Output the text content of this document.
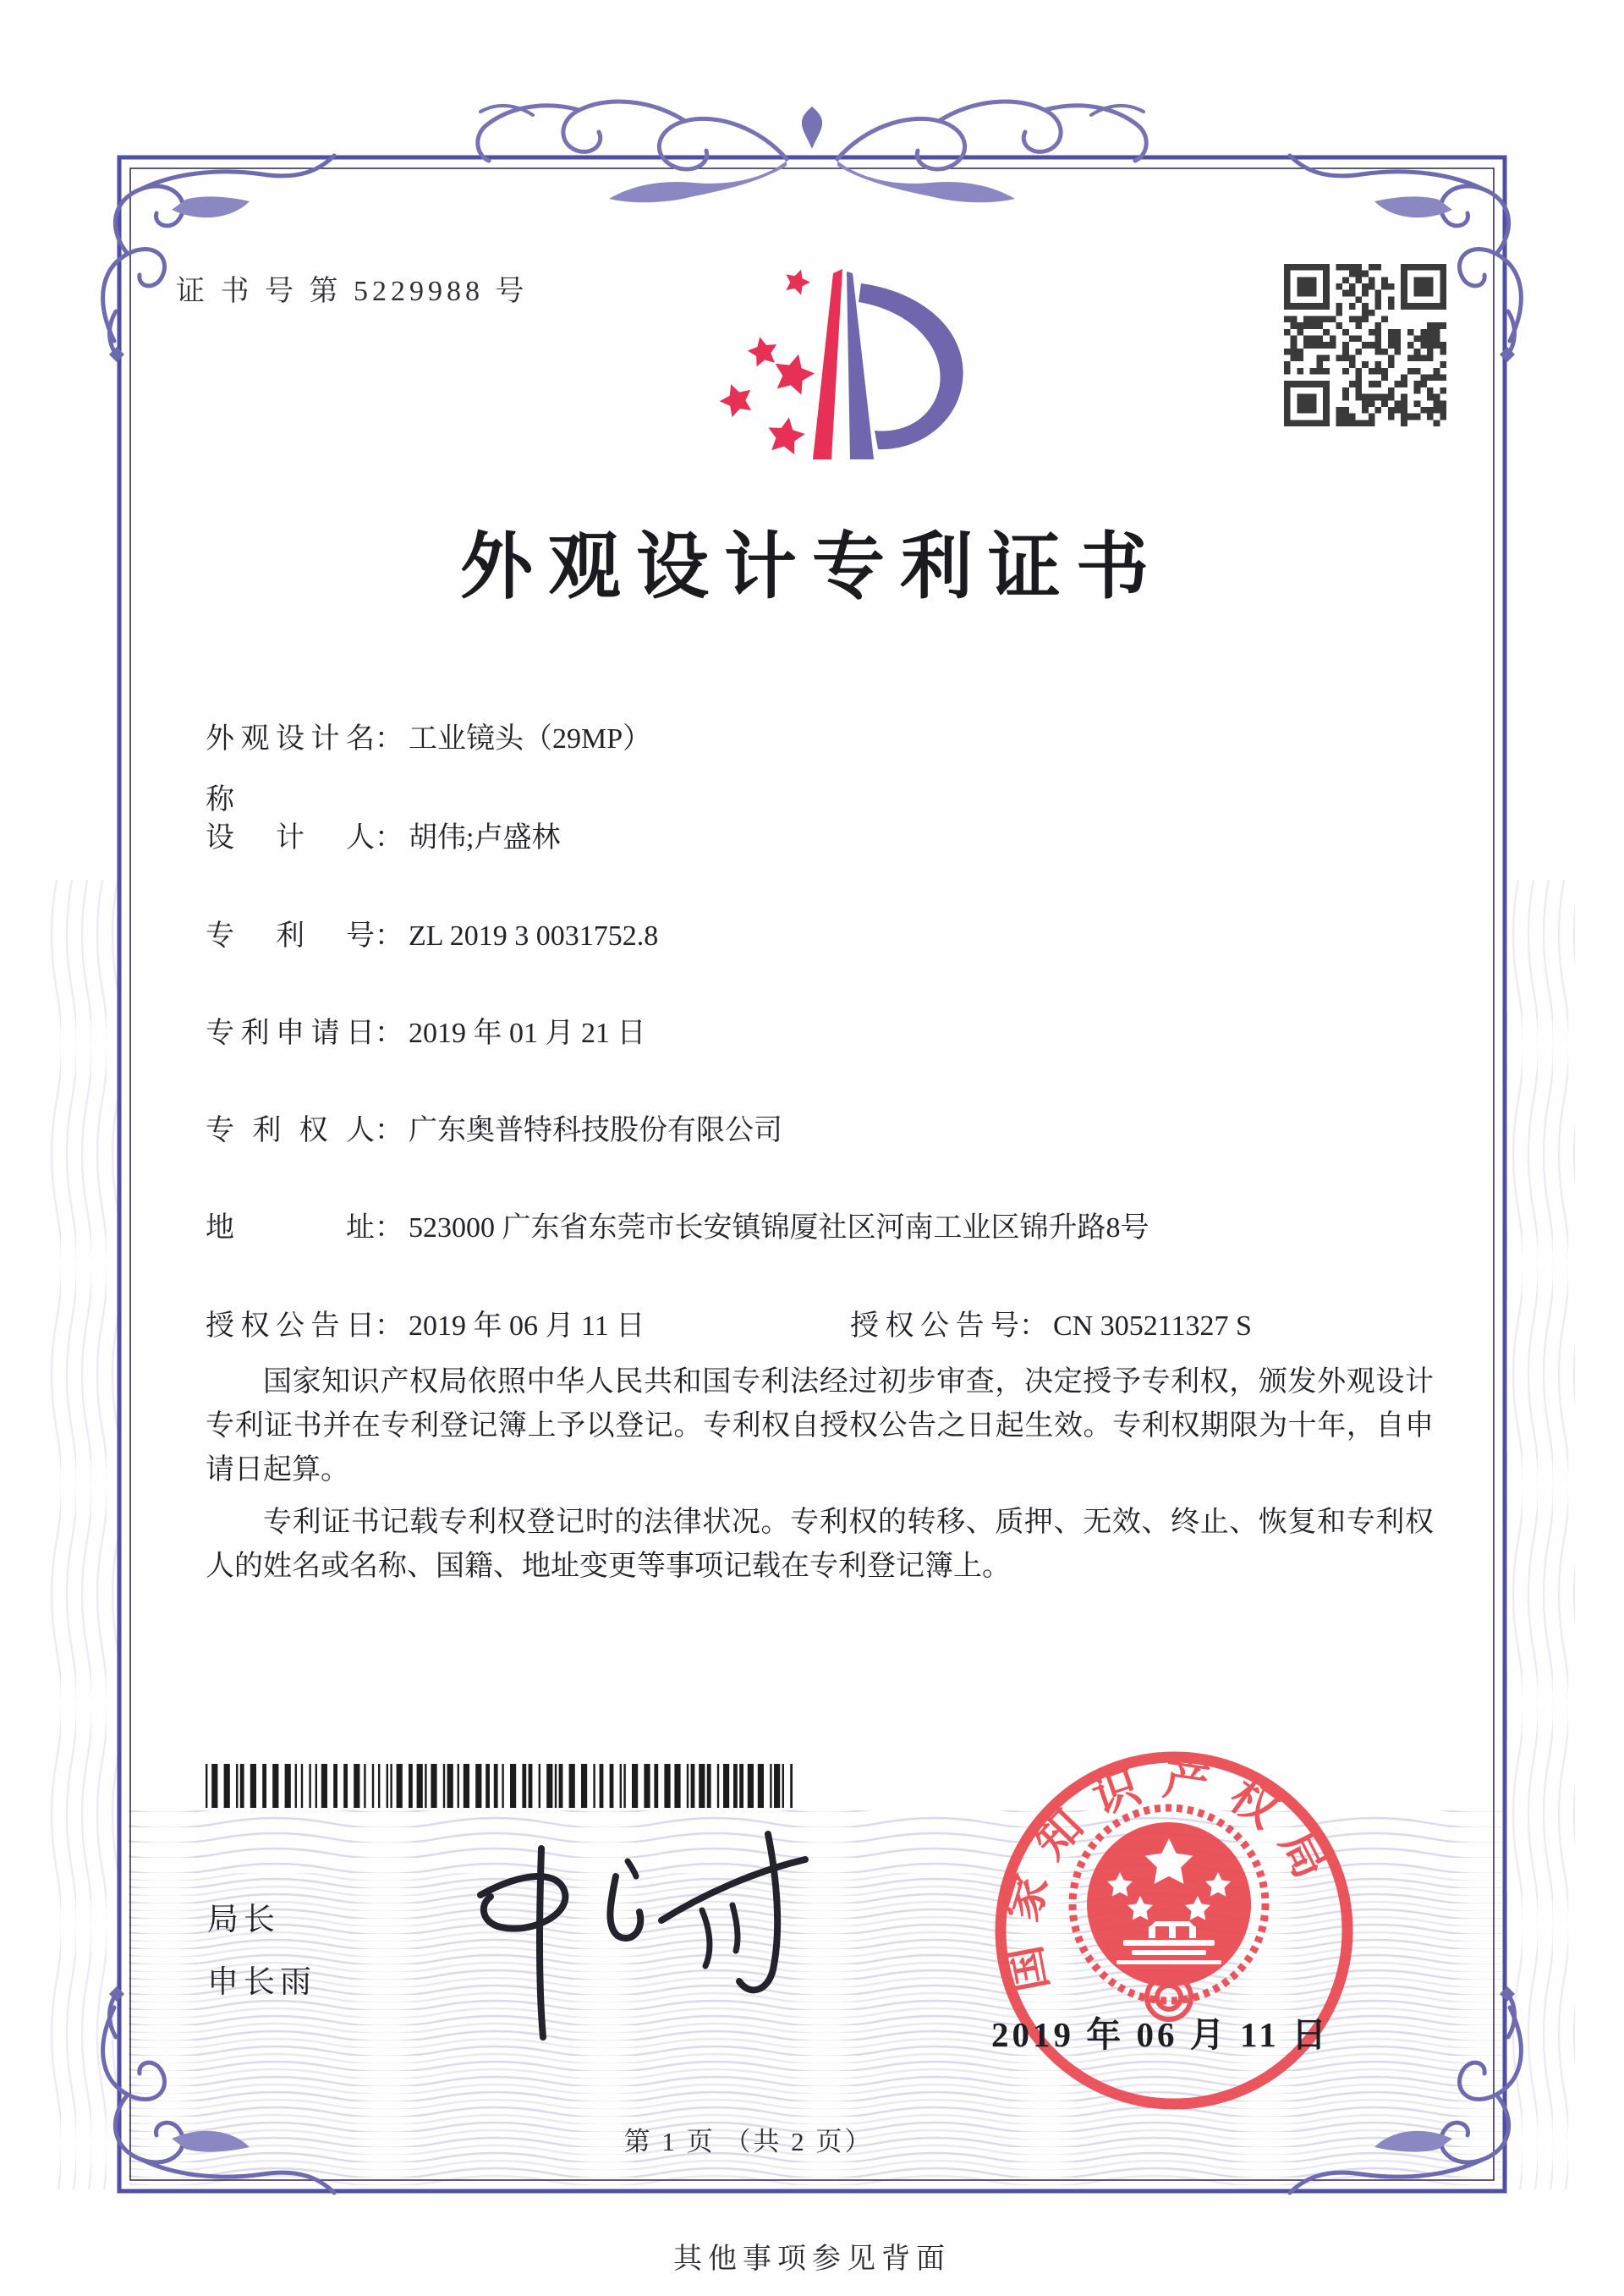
证 书 号 第 5229988 号
外观设计专利证书
外观设计名称： 工业镜头（29MP）
设计人： 胡伟;卢盛林
专利号： ZL 2019 3 0031752.8
专利申请日： 2019 年 01 月 21 日
专利权人： 广东奥普特科技股份有限公司
地址： 523000 广东省东莞市长安镇锦厦社区河南工业区锦升路8号
授权公告日： 2019 年 06 月 11 日	授权公告号： CN 305211327 S

国家知识产权局依照中华人民共和国专利法经过初步审查，决定授予专利权，颁发外观设计专利证书并在专利登记簿上予以登记。专利权自授权公告之日起生效。专利权期限为十年，自申请日起算。

专利证书记载专利权登记时的法律状况。专利权的转移、质押、无效、终止、恢复和专利权人的姓名或名称、国籍、地址变更等事项记载在专利登记簿上。

局长
申长雨	国家知识产权局
2019 年 06 月 11 日
第 1 页 （共 2 页）
其他事项参见背面
